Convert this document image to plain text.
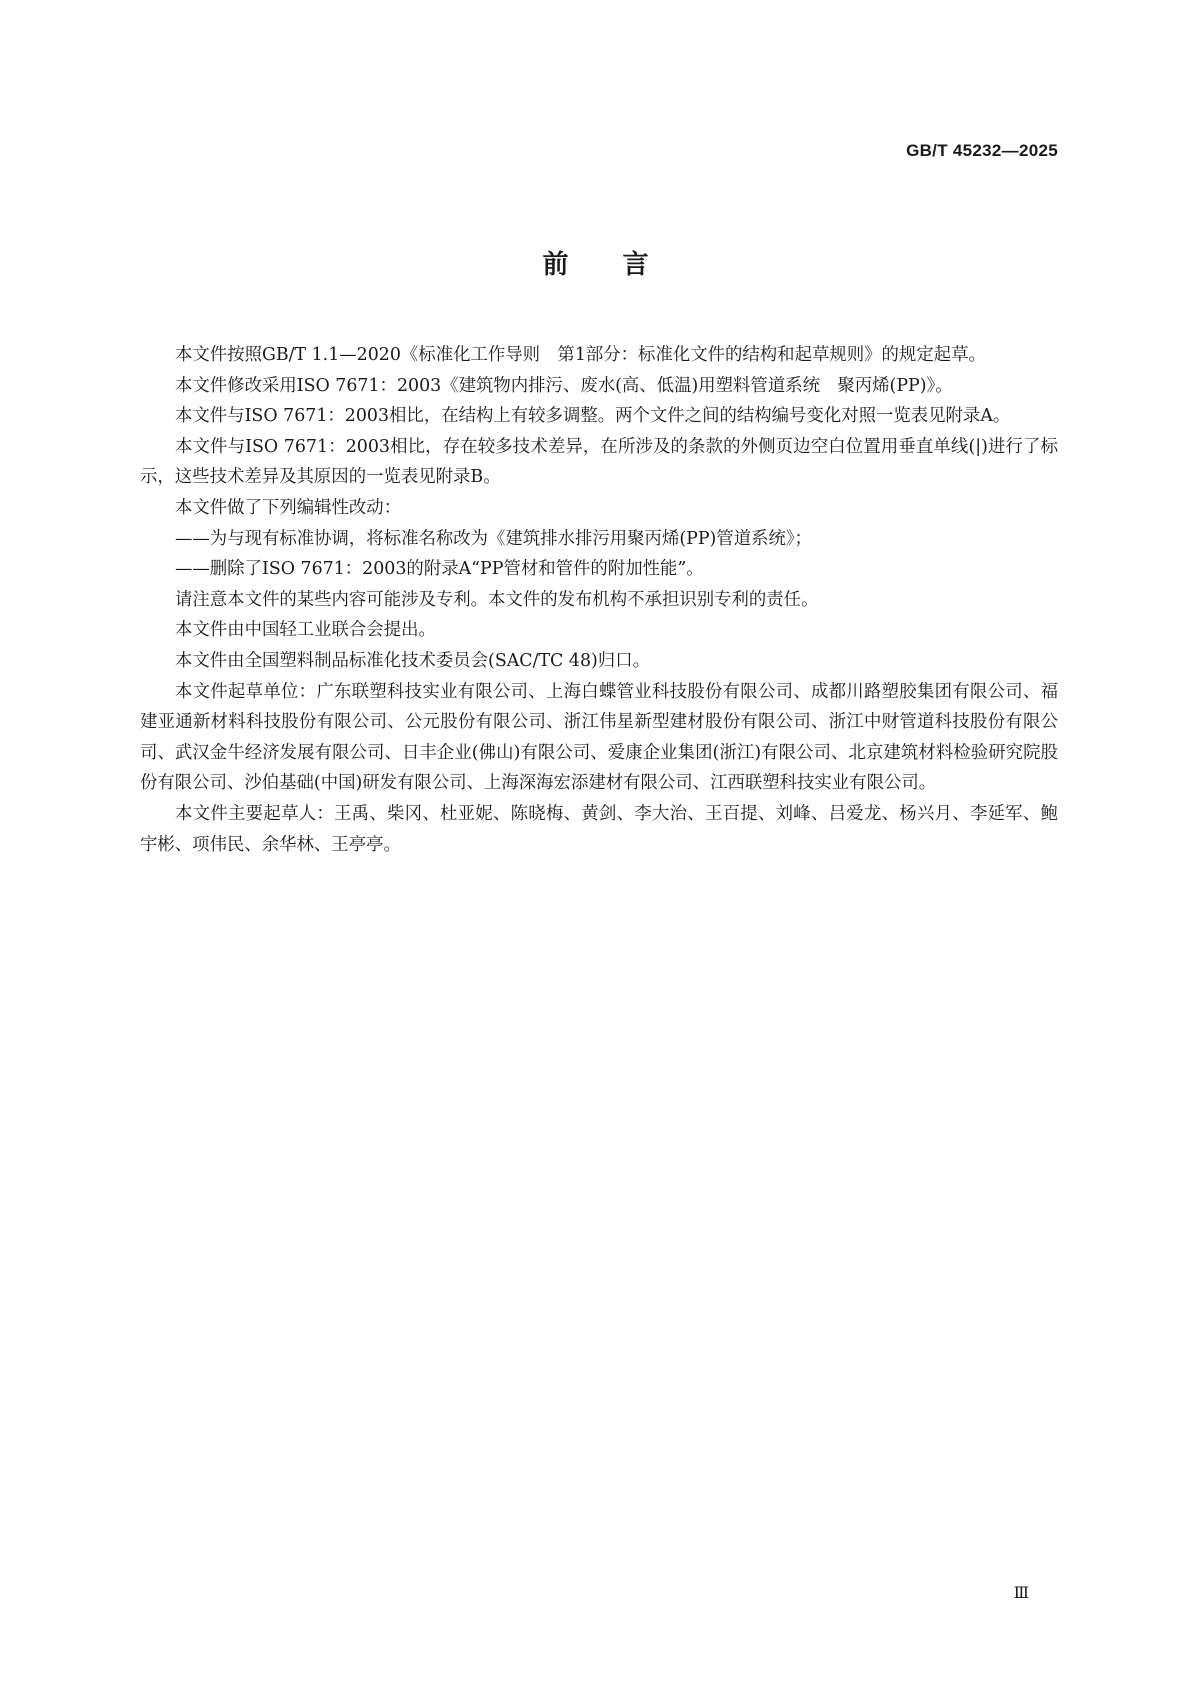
GB/T 45232—2025
前言

本文件按照GB/T 1.1—2020《标准化工作导则　第1部分：标准化文件的结构和起草规则》的规定起草。

本文件修改采用ISO 7671：2003《建筑物内排污、废水(高、低温)用塑料管道系统　聚丙烯(PP)》。

本文件与ISO 7671：2003相比，在结构上有较多调整。两个文件之间的结构编号变化对照一览表见附录A。

本文件与ISO 7671：2003相比，存在较多技术差异，在所涉及的条款的外侧页边空白位置用垂直单线(|)进行了标示，这些技术差异及其原因的一览表见附录B。

本文件做了下列编辑性改动：

——为与现有标准协调，将标准名称改为《建筑排水排污用聚丙烯(PP)管道系统》；

——删除了ISO 7671：2003的附录A“PP管材和管件的附加性能”。

请注意本文件的某些内容可能涉及专利。本文件的发布机构不承担识别专利的责任。

本文件由中国轻工业联合会提出。

本文件由全国塑料制品标准化技术委员会(SAC/TC 48)归口。

本文件起草单位：广东联塑科技实业有限公司、上海白蝶管业科技股份有限公司、成都川路塑胶集团有限公司、福建亚通新材料科技股份有限公司、公元股份有限公司、浙江伟星新型建材股份有限公司、浙江中财管道科技股份有限公司、武汉金牛经济发展有限公司、日丰企业(佛山)有限公司、爱康企业集团(浙江)有限公司、北京建筑材料检验研究院股份有限公司、沙伯基础(中国)研发有限公司、上海深海宏添建材有限公司、江西联塑科技实业有限公司。

本文件主要起草人：王禹、柴冈、杜亚妮、陈晓梅、黄剑、李大治、王百提、刘峰、吕爱龙、杨兴月、李延军、鲍宇彬、项伟民、余华林、王亭亭。

Ⅲ
